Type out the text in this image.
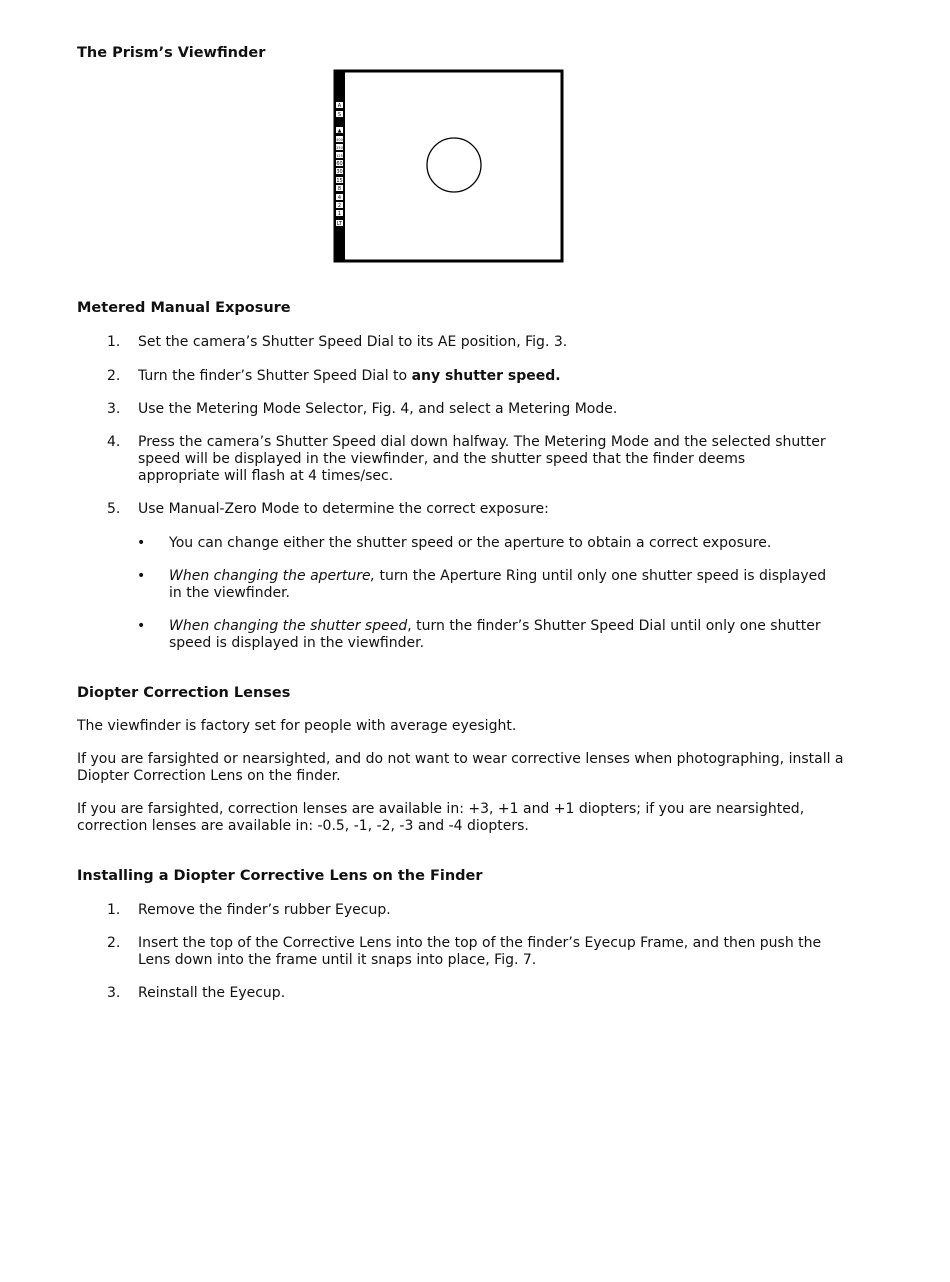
The Prism’s Viewfinder
A
S
▲
400
250
125
60
30
15
8
4
2
1
LT
Metered Manual Exposure
1.	Set the camera’s Shutter Speed Dial to its AE position, Fig. 3.
2.	Turn the finder’s Shutter Speed Dial to any shutter speed.
3.	Use the Metering Mode Selector, Fig. 4, and select a Metering Mode.
4.	Press the camera’s Shutter Speed dial down halfway. The Metering Mode and the selected shutter speed will be displayed in the viewfinder, and the shutter speed that the finder deems appropriate will flash at 4 times/sec.
5.	Use Manual-Zero Mode to determine the correct exposure:
• You can change either the shutter speed or the aperture to obtain a correct exposure.
• When changing the aperture, turn the Aperture Ring until only one shutter speed is displayed in the viewfinder.
• When changing the shutter speed, turn the finder’s Shutter Speed Dial until only one shutter speed is displayed in the viewfinder.
Diopter Correction Lenses
The viewfinder is factory set for people with average eyesight.
If you are farsighted or nearsighted, and do not want to wear corrective lenses when photographing, install a Diopter Correction Lens on the finder.
If you are farsighted, correction lenses are available in: +3, +1 and +1 diopters; if you are nearsighted, correction lenses are available in: -0.5, -1, -2, -3 and -4 diopters.
Installing a Diopter Corrective Lens on the Finder
1.	Remove the finder’s rubber Eyecup.
2.	Insert the top of the Corrective Lens into the top of the finder’s Eyecup Frame, and then push the Lens down into the frame until it snaps into place, Fig. 7.
3.	Reinstall the Eyecup.
